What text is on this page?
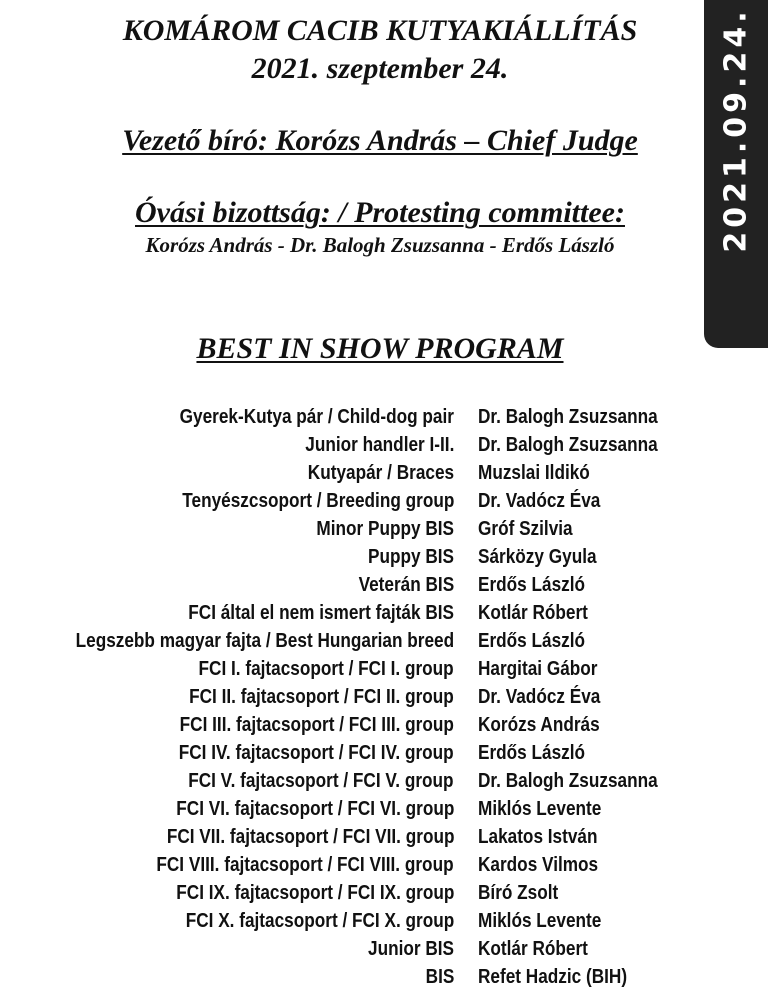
KOMÁROM CACIB KUTYAKIÁLLÍTÁS
2021. szeptember 24.
Vezető bíró: Korózs András – Chief Judge
Óvási bizottság: / Protesting committee:
Korózs András - Dr. Balogh Zsuzsanna - Erdős László	2021.09.24.
BEST IN SHOW PROGRAM
Gyerek-Kutya pár / Child-dog pair Dr. Balogh Zsuzsanna
Junior handler I-II. Dr. Balogh Zsuzsanna
Kutyapár / Braces Muzslai Ildikó
Tenyészcsoport / Breeding group Dr. Vadócz Éva
Minor Puppy BIS Gróf Szilvia
Puppy BIS Sárközy Gyula
Veterán BIS Erdős László
FCI által el nem ismert fajták BIS Kotlár Róbert
Legszebb magyar fajta / Best Hungarian breed Erdős László
FCI I. fajtacsoport / FCI I. group Hargitai Gábor
FCI II. fajtacsoport / FCI II. group Dr. Vadócz Éva
FCI III. fajtacsoport / FCI III. group Korózs András
FCI IV. fajtacsoport / FCI IV. group Erdős László
FCI V. fajtacsoport / FCI V. group Dr. Balogh Zsuzsanna
FCI VI. fajtacsoport / FCI VI. group Miklós Levente
FCI VII. fajtacsoport / FCI VII. group Lakatos István
FCI VIII. fajtacsoport / FCI VIII. group Kardos Vilmos
FCI IX. fajtacsoport / FCI IX. group Bíró Zsolt
FCI X. fajtacsoport / FCI X. group Miklós Levente
Junior BIS Kotlár Róbert
BIS Refet Hadzic (BIH)
